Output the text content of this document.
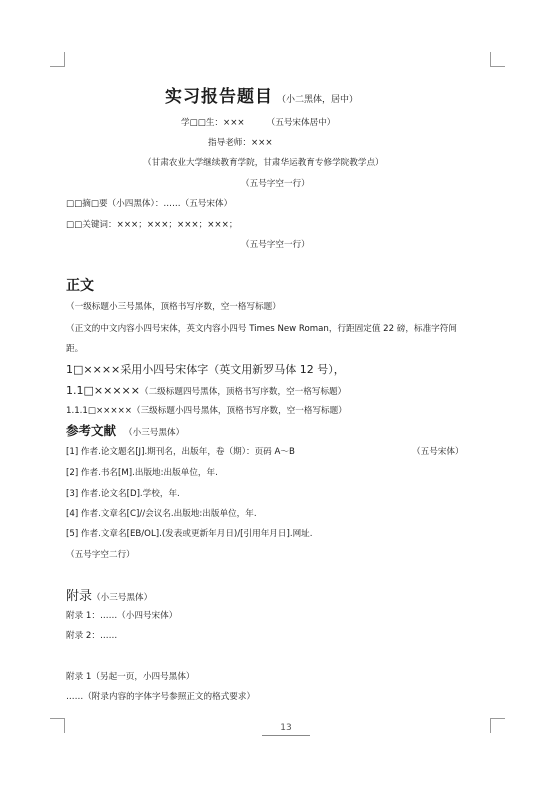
实习报告题目 （小二黑体，居中）
学□□生：×××	（五号宋体居中）
指导老师：×××
（甘肃农业大学继续教育学院，甘肃华运教育专修学院教学点）
（五号字空一行）
□□摘□要（小四黑体）：……（五号宋体）
□□关键词：×××；×××；×××；×××；
（五号字空一行）
正文
（一级标题小三号黑体，顶格书写序数，空一格写标题）
（正文的中文内容小四号宋体，英文内容小四号 Times New Roman，行距固定值 22 磅，标准字符间
距。
1□××××采用小四号宋体字（英文用新罗马体 12 号），
1.1□×××××（二级标题四号黑体，顶格书写序数，空一格写标题）
1.1.1□×××××（三级标题小四号黑体，顶格书写序数，空一格写标题）
参考文献 （小三号黑体）
[1] 作者.论文题名[J].期刊名，出版年，卷（期）：页码 A～B	（五号宋体）
[2] 作者.书名[M].出版地:出版单位，年.
[3] 作者.论文名[D].学校，年.
[4] 作者.文章名[C]//会议名.出版地:出版单位，年.
[5] 作者.文章名[EB/OL].(发表或更新年月日)/[引用年月日].网址.
（五号字空二行）
附录（小三号黑体）
附录 1：……（小四号宋体）
附录 2：……
附录 1（另起一页，小四号黑体）
……（附录内容的字体字号参照正文的格式要求）
13
